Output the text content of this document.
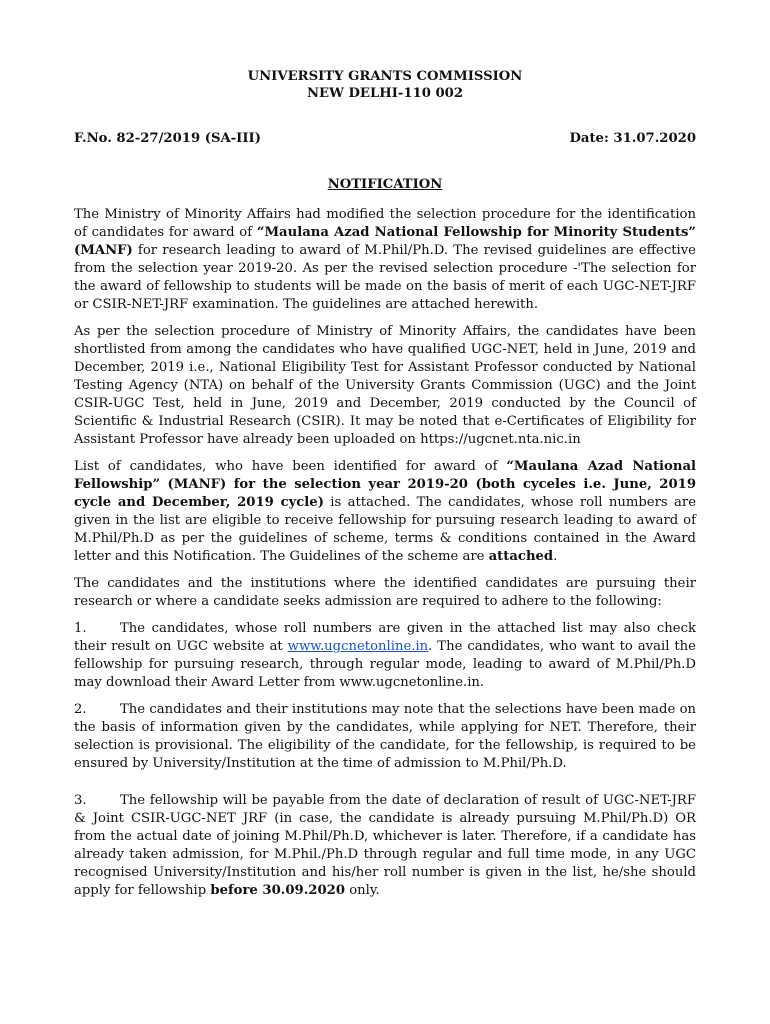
UNIVERSITY GRANTS COMMISSION
NEW DELHI-110 002
F.No. 82-27/2019 (SA-III)	Date: 31.07.2020
NOTIFICATION

The Ministry of Minority Affairs had modified the selection procedure for the identification of candidates for award of “Maulana Azad National Fellowship for Minority Students” (MANF) for research leading to award of M.Phil/Ph.D. The revised guidelines are effective from the selection year 2019-20. As per the revised selection procedure -'The selection for the award of fellowship to students will be made on the basis of merit of each UGC-NET-JRF or CSIR-NET-JRF examination. The guidelines are attached herewith.

As per the selection procedure of Ministry of Minority Affairs, the candidates have been shortlisted from among the candidates who have qualified UGC-NET, held in June, 2019 and December, 2019 i.e., National Eligibility Test for Assistant Professor conducted by National Testing Agency (NTA) on behalf of the University Grants Commission (UGC) and the Joint CSIR-UGC Test, held in June, 2019 and December, 2019 conducted by the Council of Scientific & Industrial Research (CSIR). It may be noted that e-Certificates of Eligibility for Assistant Professor have already been uploaded on https://ugcnet.nta.nic.in

List of candidates, who have been identified for award of “Maulana Azad National Fellowship” (MANF) for the selection year 2019-20 (both cyceles i.e. June, 2019 cycle and December, 2019 cycle) is attached. The candidates, whose roll numbers are given in the list are eligible to receive fellowship for pursuing research leading to award of M.Phil/Ph.D as per the guidelines of scheme, terms & conditions contained in the Award letter and this Notification. The Guidelines of the scheme are attached.

The candidates and the institutions where the identified candidates are pursuing their research or where a candidate seeks admission are required to adhere to the following:

1.	The candidates, whose roll numbers are given in the attached list may also check their result on UGC website at www.ugcnetonline.in. The candidates, who want to avail the fellowship for pursuing research, through regular mode, leading to award of M.Phil/Ph.D may download their Award Letter from www.ugcnetonline.in.

2.	The candidates and their institutions may note that the selections have been made on the basis of information given by the candidates, while applying for NET. Therefore, their selection is provisional. The eligibility of the candidate, for the fellowship, is required to be ensured by University/Institution at the time of admission to M.Phil/Ph.D.

3.	The fellowship will be payable from the date of declaration of result of UGC-NET-JRF & Joint CSIR-UGC-NET JRF (in case, the candidate is already pursuing M.Phil/Ph.D) OR from the actual date of joining M.Phil/Ph.D, whichever is later. Therefore, if a candidate has already taken admission, for M.Phil./Ph.D through regular and full time mode, in any UGC recognised University/Institution and his/her roll number is given in the list, he/she should apply for fellowship before 30.09.2020 only.
